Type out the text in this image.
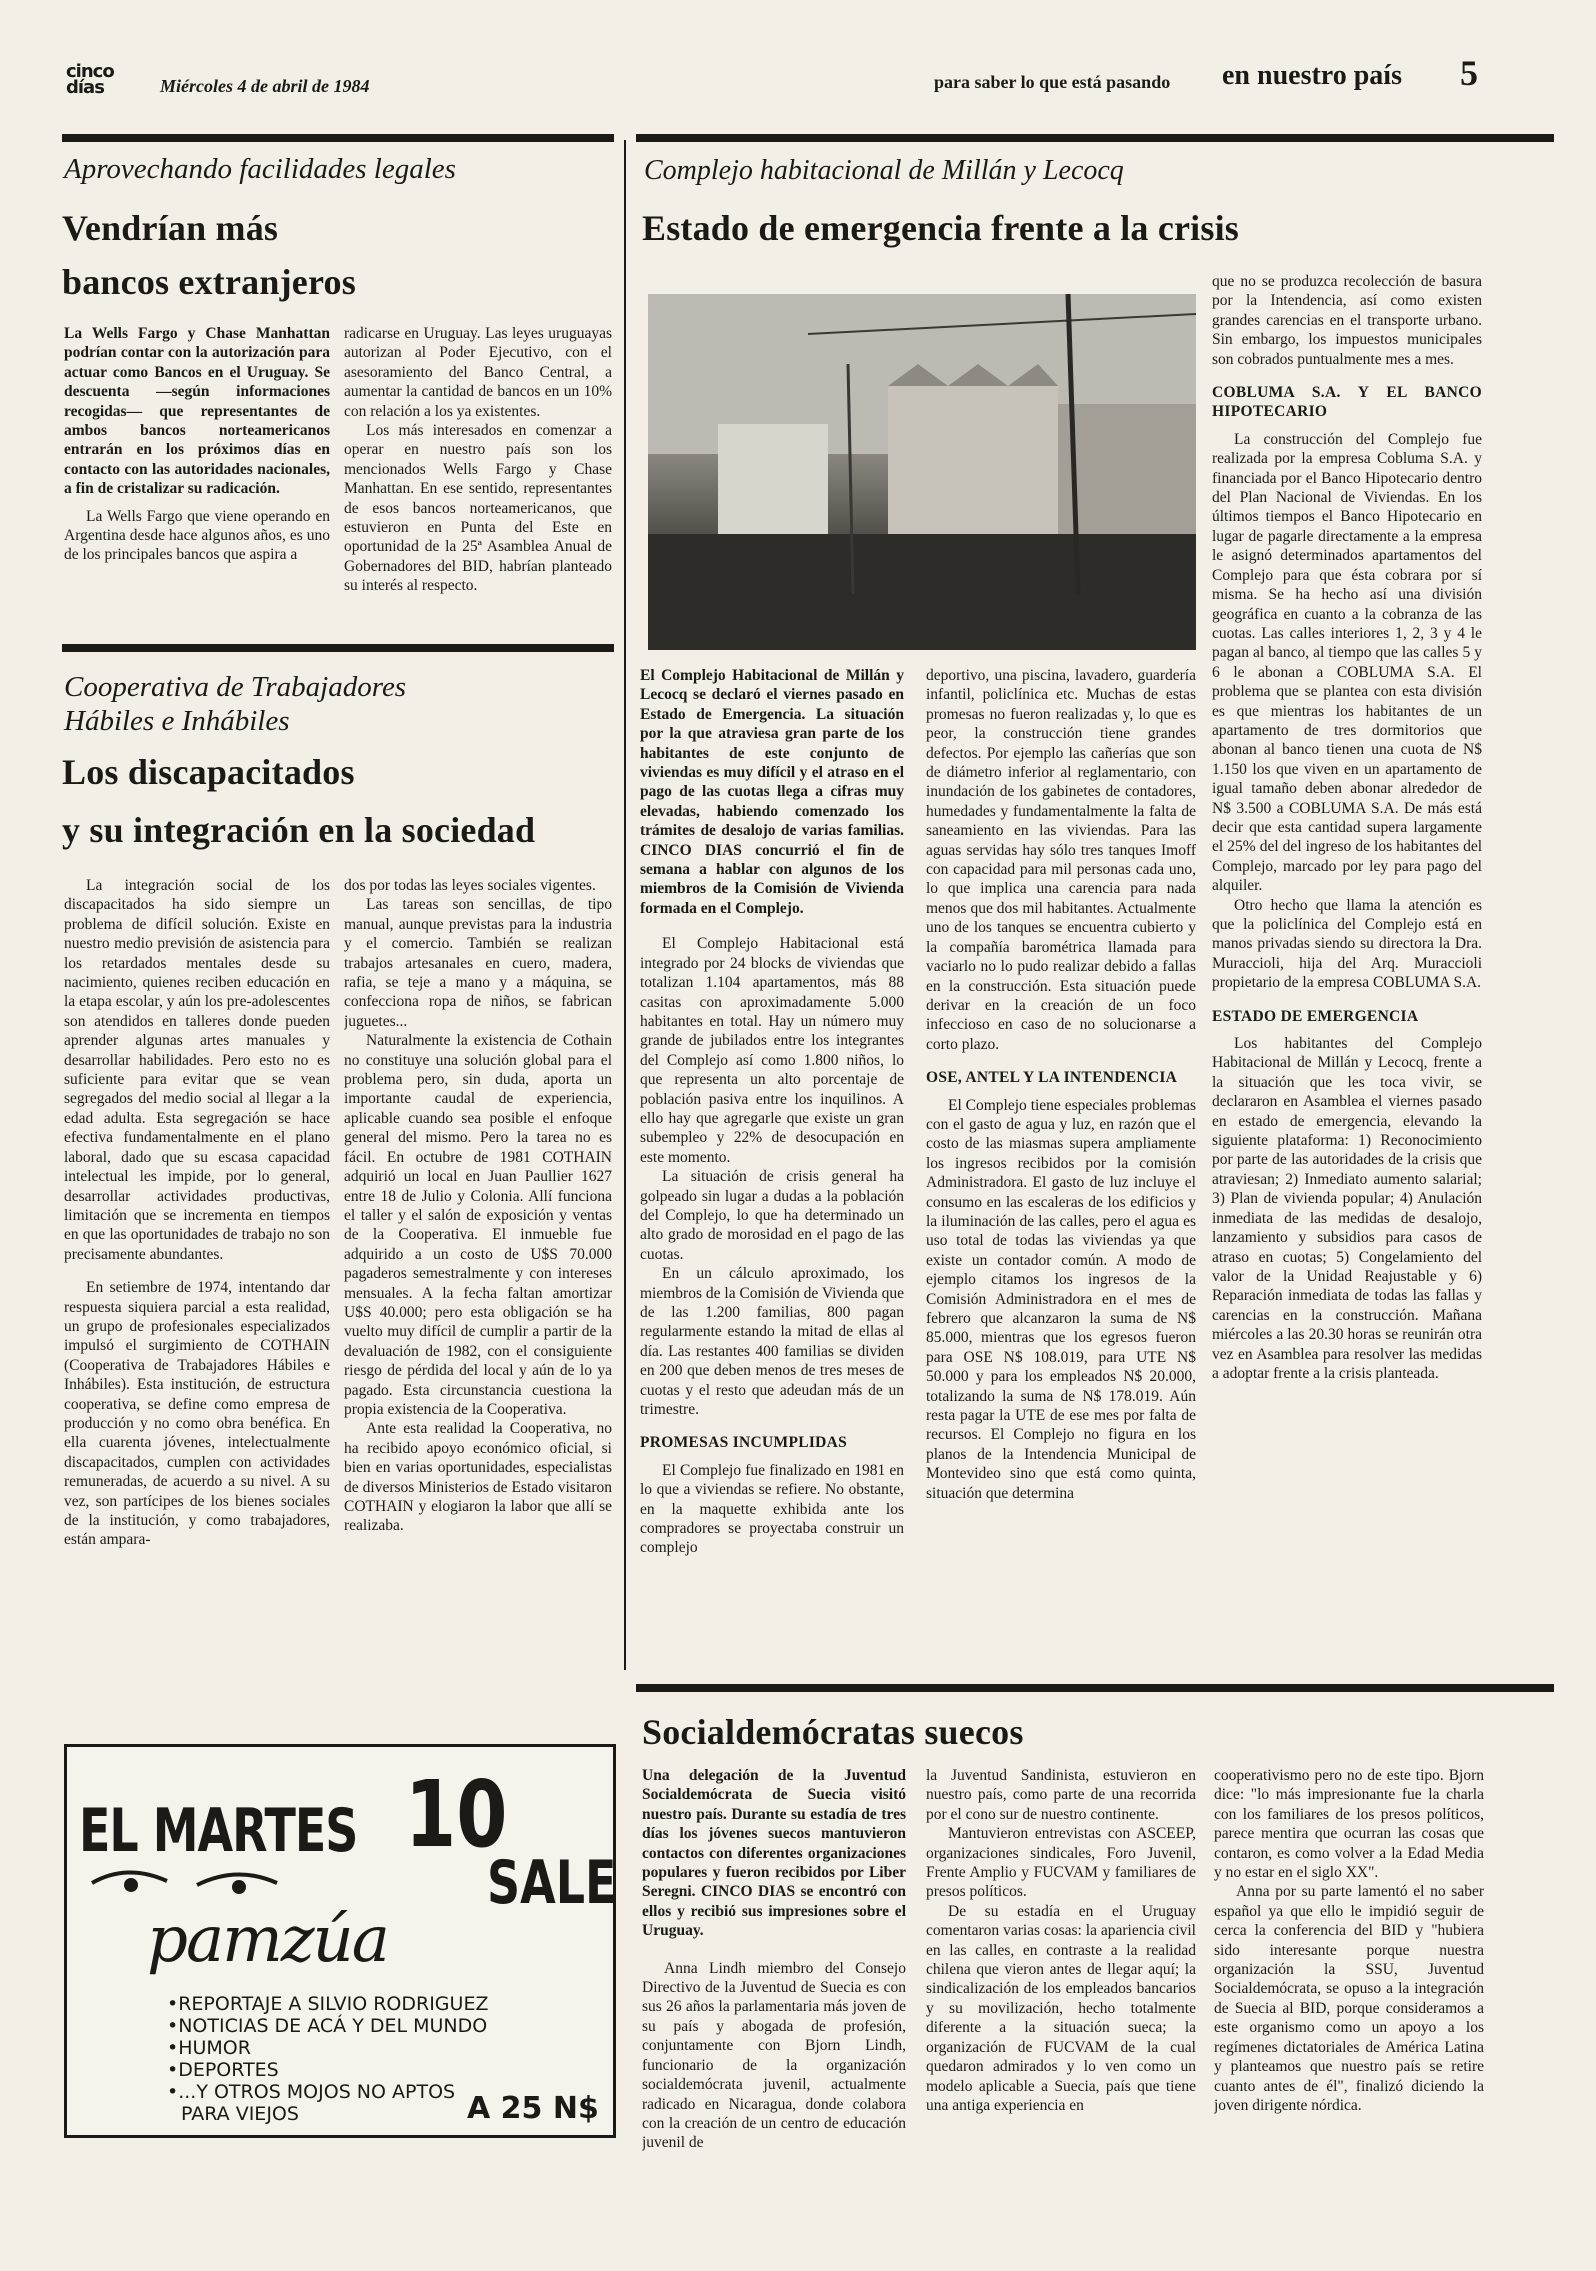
cinco días	Miércoles 4 de abril de 1984	para saber lo que está pasando en nuestro país 5
Aprovechando facilidades legales
Vendrían más
bancos extranjeros

La Wells Fargo y Chase Manhattan podrían contar con la autorización para actuar como Bancos en el Uruguay. Se descuenta —según informaciones recogidas— que representantes de ambos bancos norteamericanos entrarán en los próximos días en contacto con las autoridades nacionales, a fin de cristalizar su radicación.

La Wells Fargo que viene operando en Argentina desde hace algunos años, es uno de los principales bancos que aspira a

radicarse en Uruguay. Las leyes uruguayas autorizan al Poder Ejecutivo, con el asesoramiento del Banco Central, a aumentar la cantidad de bancos en un 10% con relación a los ya existentes.

Los más interesados en comenzar a operar en nuestro país son los mencionados Wells Fargo y Chase Manhattan. En ese sentido, representantes de esos bancos norteamericanos, que estuvieron en Punta del Este en oportunidad de la 25ª Asamblea Anual de Gobernadores del BID, habrían planteado su interés al respecto.

Cooperativa de Trabajadores
Hábiles e Inhábiles
Los discapacitados
y su integración en la sociedad

La integración social de los discapacitados ha sido siempre un problema de difícil solución. Existe en nuestro medio previsión de asistencia para los retardados mentales desde su nacimiento, quienes reciben educación en la etapa escolar, y aún los pre-adolescentes son atendidos en talleres donde pueden aprender algunas artes manuales y desarrollar habilidades. Pero esto no es suficiente para evitar que se vean segregados del medio social al llegar a la edad adulta. Esta segregación se hace efectiva fundamentalmente en el plano laboral, dado que su escasa capacidad intelectual les impide, por lo general, desarrollar actividades productivas, limitación que se incrementa en tiempos en que las oportunidades de trabajo no son precisamente abundantes.

En setiembre de 1974, intentando dar respuesta siquiera parcial a esta realidad, un grupo de profesionales especializados impulsó el surgimiento de COTHAIN (Cooperativa de Trabajadores Hábiles e Inhábiles). Esta institución, de estructura cooperativa, se define como empresa de producción y no como obra benéfica. En ella cuarenta jóvenes, intelectualmente discapacitados, cumplen con actividades remuneradas, de acuerdo a su nivel. A su vez, son partícipes de los bienes sociales de la institución, y como trabajadores, están ampara-

dos por todas las leyes sociales vigentes.

Las tareas son sencillas, de tipo manual, aunque previstas para la industria y el comercio. También se realizan trabajos artesanales en cuero, madera, rafia, se teje a mano y a máquina, se confecciona ropa de niños, se fabrican juguetes...

Naturalmente la existencia de Cothain no constituye una solución global para el problema pero, sin duda, aporta un importante caudal de experiencia, aplicable cuando sea posible el enfoque general del mismo. Pero la tarea no es fácil. En octubre de 1981 COTHAIN adquirió un local en Juan Paullier 1627 entre 18 de Julio y Colonia. Allí funciona el taller y el salón de exposición y ventas de la Cooperativa. El inmueble fue adquirido a un costo de U$S 70.000 pagaderos semestralmente y con intereses mensuales. A la fecha faltan amortizar U$S 40.000; pero esta obligación se ha vuelto muy difícil de cumplir a partir de la devaluación de 1982, con el consiguiente riesgo de pérdida del local y aún de lo ya pagado. Esta circunstancia cuestiona la propia existencia de la Cooperativa.

Ante esta realidad la Cooperativa, no ha recibido apoyo económico oficial, si bien en varias oportunidades, especialistas de diversos Ministerios de Estado visitaron COTHAIN y elogiaron la labor que allí se realizaba.

Complejo habitacional de Millán y Lecocq
Estado de emergencia frente a la crisis

El Complejo Habitacional de Millán y Lecocq se declaró el viernes pasado en Estado de Emergencia. La situación por la que atraviesa gran parte de los habitantes de este conjunto de viviendas es muy difícil y el atraso en el pago de las cuotas llega a cifras muy elevadas, habiendo comenzado los trámites de desalojo de varias familias. CINCO DIAS concurrió el fin de semana a hablar con algunos de los miembros de la Comisión de Vivienda formada en el Complejo.

El Complejo Habitacional está integrado por 24 blocks de viviendas que totalizan 1.104 apartamentos, más 88 casitas con aproximadamente 5.000 habitantes en total. Hay un número muy grande de jubilados entre los integrantes del Complejo así como 1.800 niños, lo que representa un alto porcentaje de población pasiva entre los inquilinos. A ello hay que agregarle que existe un gran subempleo y 22% de desocupación en este momento.

La situación de crisis general ha golpeado sin lugar a dudas a la población del Complejo, lo que ha determinado un alto grado de morosidad en el pago de las cuotas.

En un cálculo aproximado, los miembros de la Comisión de Vivienda que de las 1.200 familias, 800 pagan regularmente estando la mitad de ellas al día. Las restantes 400 familias se dividen en 200 que deben menos de tres meses de cuotas y el resto que adeudan más de un trimestre.

PROMESAS INCUMPLIDAS

El Complejo fue finalizado en 1981 en lo que a viviendas se refiere. No obstante, en la maquette exhibida ante los compradores se proyectaba construir un complejo

deportivo, una piscina, lavadero, guardería infantil, policlínica etc. Muchas de estas promesas no fueron realizadas y, lo que es peor, la construcción tiene grandes defectos. Por ejemplo las cañerías que son de diámetro inferior al reglamentario, con inundación de los gabinetes de contadores, humedades y fundamentalmente la falta de saneamiento en las viviendas. Para las aguas servidas hay sólo tres tanques Imoff con capacidad para mil personas cada uno, lo que implica una carencia para nada menos que dos mil habitantes. Actualmente uno de los tanques se encuentra cubierto y la compañía barométrica llamada para vaciarlo no lo pudo realizar debido a fallas en la construcción. Esta situación puede derivar en la creación de un foco infeccioso en caso de no solucionarse a corto plazo.

OSE, ANTEL Y LA INTENDENCIA

El Complejo tiene especiales problemas con el gasto de agua y luz, en razón que el costo de las miasmas supera ampliamente los ingresos recibidos por la comisión Administradora. El gasto de luz incluye el consumo en las escaleras de los edificios y la iluminación de las calles, pero el agua es uso total de todas las viviendas ya que existe un contador común. A modo de ejemplo citamos los ingresos de la Comisión Administradora en el mes de febrero que alcanzaron la suma de N$ 85.000, mientras que los egresos fueron para OSE N$ 108.019, para UTE N$ 50.000 y para los empleados N$ 20.000, totalizando la suma de N$ 178.019. Aún resta pagar la UTE de ese mes por falta de recursos. El Complejo no figura en los planos de la Intendencia Municipal de Montevideo sino que está como quinta, situación que determina

que no se produzca recolección de basura por la Intendencia, así como existen grandes carencias en el transporte urbano. Sin embargo, los impuestos municipales son cobrados puntualmente mes a mes.

COBLUMA S.A. Y EL BANCO HIPOTECARIO

La construcción del Complejo fue realizada por la empresa Cobluma S.A. y financiada por el Banco Hipotecario dentro del Plan Nacional de Viviendas. En los últimos tiempos el Banco Hipotecario en lugar de pagarle directamente a la empresa le asignó determinados apartamentos del Complejo para que ésta cobrara por sí misma. Se ha hecho así una división geográfica en cuanto a la cobranza de las cuotas. Las calles interiores 1, 2, 3 y 4 le pagan al banco, al tiempo que las calles 5 y 6 le abonan a COBLUMA S.A. El problema que se plantea con esta división es que mientras los habitantes de un apartamento de tres dormitorios que abonan al banco tienen una cuota de N$ 1.150 los que viven en un apartamento de igual tamaño deben abonar alrededor de N$ 3.500 a COBLUMA S.A. De más está decir que esta cantidad supera largamente el 25% del del ingreso de los habitantes del Complejo, marcado por ley para pago del alquiler.

Otro hecho que llama la atención es que la policlínica del Complejo está en manos privadas siendo su directora la Dra. Muraccioli, hija del Arq. Muraccioli propietario de la empresa COBLUMA S.A.

ESTADO DE EMERGENCIA

Los habitantes del Complejo Habitacional de Millán y Lecocq, frente a la situación que les toca vivir, se declararon en Asamblea el viernes pasado en estado de emergencia, elevando la siguiente plataforma: 1) Reconocimiento por parte de las autoridades de la crisis que atraviesan; 2) Inmediato aumento salarial; 3) Plan de vivienda popular; 4) Anulación inmediata de las medidas de desalojo, lanzamiento y subsidios para casos de atraso en cuotas; 5) Congelamiento del valor de la Unidad Reajustable y 6) Reparación inmediata de todas las fallas y carencias en la construcción. Mañana miércoles a las 20.30 horas se reunirán otra vez en Asamblea para resolver las medidas a adoptar frente a la crisis planteada.

Socialdemócratas suecos

Una delegación de la Juventud Socialdemócrata de Suecia visitó nuestro país. Durante su estadía de tres días los jóvenes suecos mantuvieron contactos con diferentes organizaciones populares y fueron recibidos por Liber Seregni. CINCO DIAS se encontró con ellos y recibió sus impresiones sobre el Uruguay.

Anna Lindh miembro del Consejo Directivo de la Juventud de Suecia es con sus 26 años la parlamentaria más joven de su país y abogada de profesión, conjuntamente con Bjorn Lindh, funcionario de la organización socialdemócrata juvenil, actualmente radicado en Nicaragua, donde colabora con la creación de un centro de educación juvenil de

la Juventud Sandinista, estuvieron en nuestro país, como parte de una recorrida por el cono sur de nuestro continente.

Mantuvieron entrevistas con ASCEEP, organizaciones sindicales, Foro Juvenil, Frente Amplio y FUCVAM y familiares de presos políticos.

De su estadía en el Uruguay comentaron varias cosas: la apariencia civil en las calles, en contraste a la realidad chilena que vieron antes de llegar aquí; la sindicalización de los empleados bancarios y su movilización, hecho totalmente diferente a la situación sueca; la organización de FUCVAM de la cual quedaron admirados y lo ven como un modelo aplicable a Suecia, país que tiene una antiga experiencia en

cooperativismo pero no de este tipo. Bjorn dice: "lo más impresionante fue la charla con los familiares de los presos políticos, parece mentira que ocurran las cosas que contaron, es como volver a la Edad Media y no estar en el siglo XX".

Anna por su parte lamentó el no saber español ya que ello le impidió seguir de cerca la conferencia del BID y "hubiera sido interesante porque nuestra organización la SSU, Juventud Socialdemócrata, se opuso a la integración de Suecia al BID, porque consideramos a este organismo como un apoyo a los regímenes dictatoriales de América Latina y planteamos que nuestro país se retire cuanto antes de él", finalizó diciendo la joven dirigente nórdica.

EL MARTES 10
SALE
pamzúa
•REPORTAJE A SILVIO RODRIGUEZ
•NOTICIAS DE ACÁ Y DEL MUNDO
•HUMOR
•DEPORTES
•...Y OTROS MOJOS NO APTOS
PARA VIEJOS	A 25 N$
